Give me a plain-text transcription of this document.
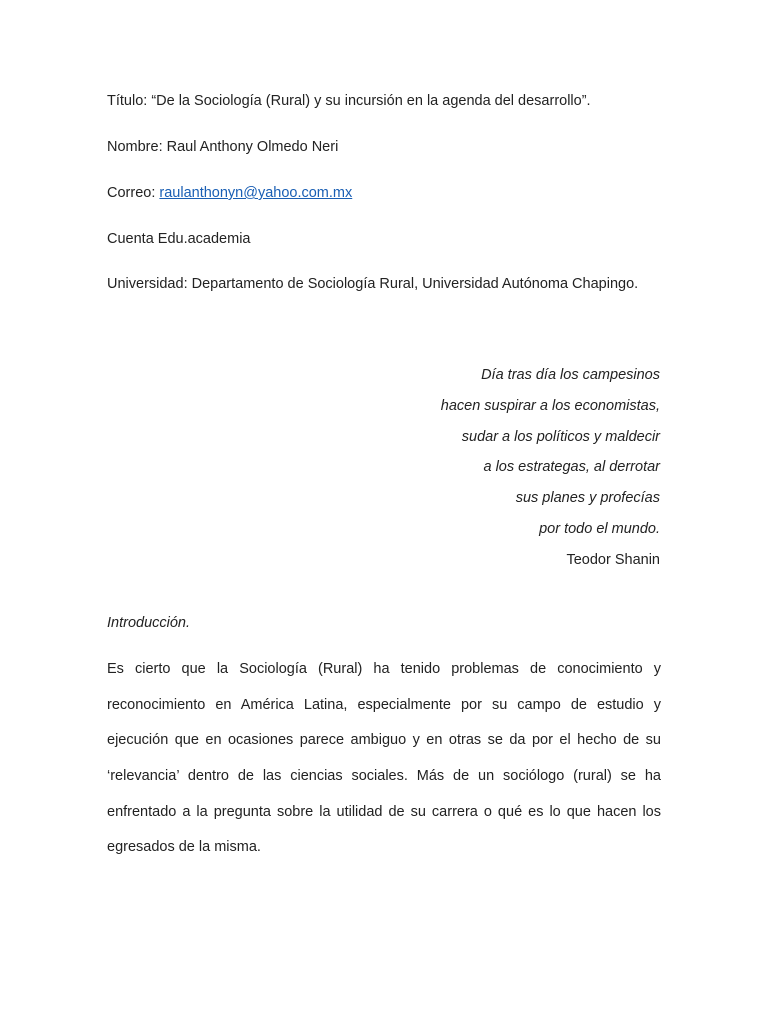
Título: “De la Sociología (Rural) y su incursión en la agenda del desarrollo”.
Nombre: Raul Anthony Olmedo Neri
Correo: raulanthonyn@yahoo.com.mx
Cuenta Edu.academia
Universidad: Departamento de Sociología Rural, Universidad Autónoma Chapingo.
Día tras día los campesinos
hacen suspirar a los economistas,
sudar a los políticos y maldecir
a los estrategas, al derrotar
sus planes y profecías
por todo el mundo.
Teodor Shanin
Introducción.
Es cierto que la Sociología (Rural) ha tenido problemas de conocimiento y
reconocimiento en América Latina, especialmente por su campo de estudio y
ejecución que en ocasiones parece ambiguo y en otras se da por el hecho de su
‘relevancia’ dentro de las ciencias sociales. Más de un sociólogo (rural) se ha
enfrentado a la pregunta sobre la utilidad de su carrera o qué es lo que hacen los
egresados de la misma.
